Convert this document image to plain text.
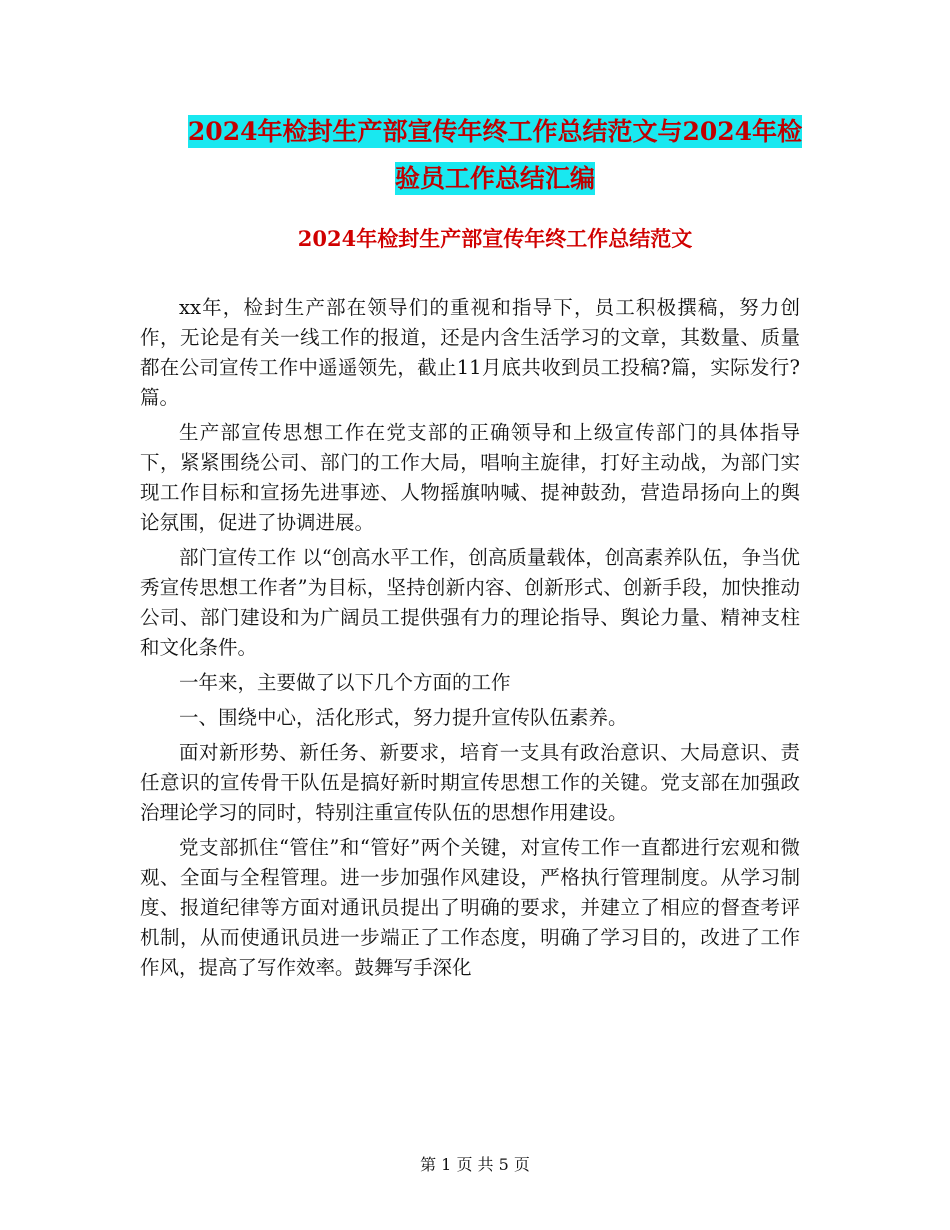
2024年检封生产部宣传年终工作总结范文与2024年检
验员工作总结汇编
2024年检封生产部宣传年终工作总结范文

xx年，检封生产部在领导们的重视和指导下，员工积极撰稿，努力创作，无论是有关一线工作的报道，还是内含生活学习的文章，其数量、质量都在公司宣传工作中遥遥领先，截止11月底共收到员工投稿?篇，实际发行?篇。

生产部宣传思想工作在党支部的正确领导和上级宣传部门的具体指导下，紧紧围绕公司、部门的工作大局，唱响主旋律，打好主动战，为部门实现工作目标和宣扬先进事迹、人物摇旗呐喊、提神鼓劲，营造昂扬向上的舆论氛围，促进了协调进展。

部门宣传工作 以“创高水平工作，创高质量载体，创高素养队伍，争当优秀宣传思想工作者”为目标，坚持创新内容、创新形式、创新手段，加快推动公司、部门建设和为广阔员工提供强有力的理论指导、舆论力量、精神支柱和文化条件。

一年来，主要做了以下几个方面的工作

一、围绕中心，活化形式，努力提升宣传队伍素养。

面对新形势、新任务、新要求，培育一支具有政治意识、大局意识、责任意识的宣传骨干队伍是搞好新时期宣传思想工作的关键。党支部在加强政治理论学习的同时，特别注重宣传队伍的思想作用建设。

党支部抓住“管住”和“管好”两个关键，对宣传工作一直都进行宏观和微观、全面与全程管理。进一步加强作风建设，严格执行管理制度。从学习制度、报道纪律等方面对通讯员提出了明确的要求，并建立了相应的督查考评机制，从而使通讯员进一步端正了工作态度，明确了学习目的，改进了工作作风，提高了写作效率。鼓舞写手深化

第 1 页 共 5 页
